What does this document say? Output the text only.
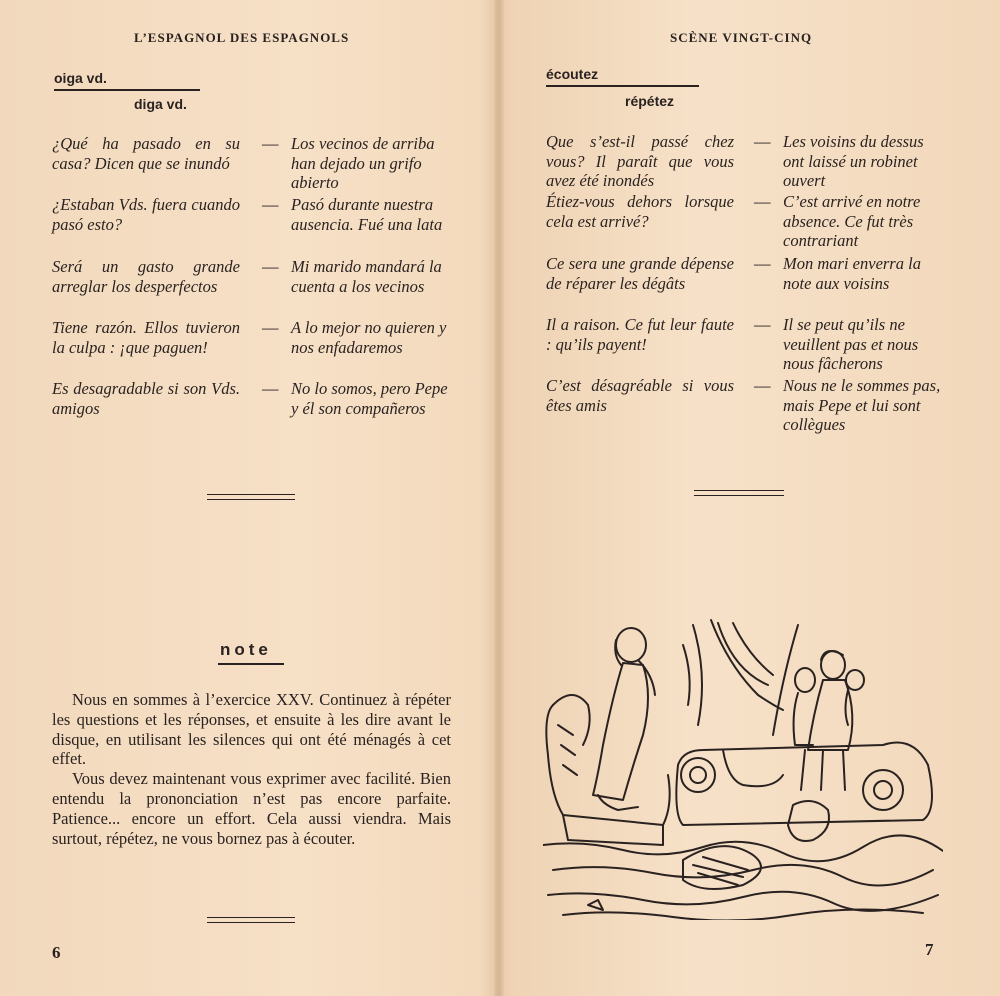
L’ESPAGNOL DES ESPAGNOLS
oiga vd.
diga vd.
¿Qué ha pasado en su casa? Dicen que se inundó
— Los vecinos de arriba han dejado un grifo abierto
¿Estaban Vds. fuera cuando pasó esto?
— Pasó durante nuestra ausencia. Fué una lata
Será un gasto grande arreglar los desperfectos
— Mi marido mandará la cuenta a los vecinos
Tiene razón. Ellos tuvieron la culpa : ¡que paguen!
— A lo mejor no quieren y nos enfadaremos
Es desagradable si son Vds. amigos
— No lo somos, pero Pepe y él son compañeros
note

Nous en sommes à l’exercice XXV. Continuez à répéter les questions et les réponses, et ensuite à les dire avant le disque, en utilisant les silences qui ont été ménagés à cet effet.

Vous devez maintenant vous exprimer avec facilité. Bien entendu la prononciation n’est pas encore parfaite. Patience... encore un effort. Cela aussi viendra. Mais surtout, répétez, ne vous bornez pas à écouter.

6
SCÈNE VINGT-CINQ
écoutez
répétez
Que s’est-il passé chez vous? Il paraît que vous avez été inondés
— Les voisins du dessus ont laissé un robinet ouvert
Étiez-vous dehors lorsque cela est arrivé?
— C’est arrivé en notre absence. Ce fut très contrariant
Ce sera une grande dépense de réparer les dégâts
— Mon mari enverra la note aux voisins
Il a raison. Ce fut leur faute : qu’ils payent!
— Il se peut qu’ils ne veuillent pas et nous nous fâcherons
C’est désagréable si vous êtes amis
— Nous ne le sommes pas, mais Pepe et lui sont collègues
7
